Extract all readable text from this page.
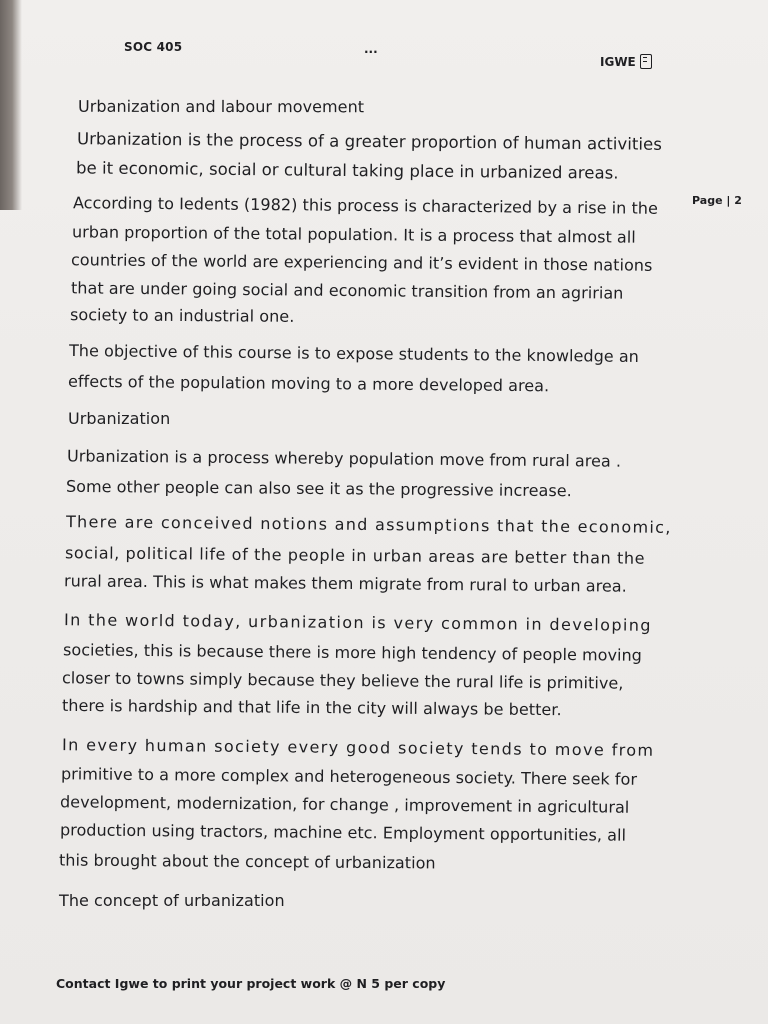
SOC 405	...
IGWE
Page | 2
Urbanization and labour movement
Urbanization is the process of a greater proportion of human activities
be it economic, social or cultural taking place in urbanized areas.
According to Iedents (1982) this process is characterized by a rise in the
urban proportion of the total population. It is a process that almost all
countries of the world are experiencing and it’s evident in those nations
that are under going social and economic transition from an agririan
society to an industrial one.
The objective of this course is to expose students to the knowledge an
effects of the population moving to a more developed area.
Urbanization
Urbanization is a process whereby population move from rural area .
Some other people can also see it as the progressive increase.
There are conceived notions and assumptions that the economic,
social, political life of the people in urban areas are better than the
rural area. This is what makes them migrate from rural to urban area.
In the world today, urbanization is very common in developing
societies, this is because there is more high tendency of people moving
closer to towns simply because they believe the rural life is primitive,
there is hardship and that life in the city will always be better.
In every human society every good society tends to move from
primitive to a more complex and heterogeneous society. There seek for
development, modernization, for change , improvement in agricultural
production using tractors, machine etc. Employment opportunities, all
this brought about the concept of urbanization
The concept of urbanization
Contact Igwe to print your project work @ N 5 per copy
